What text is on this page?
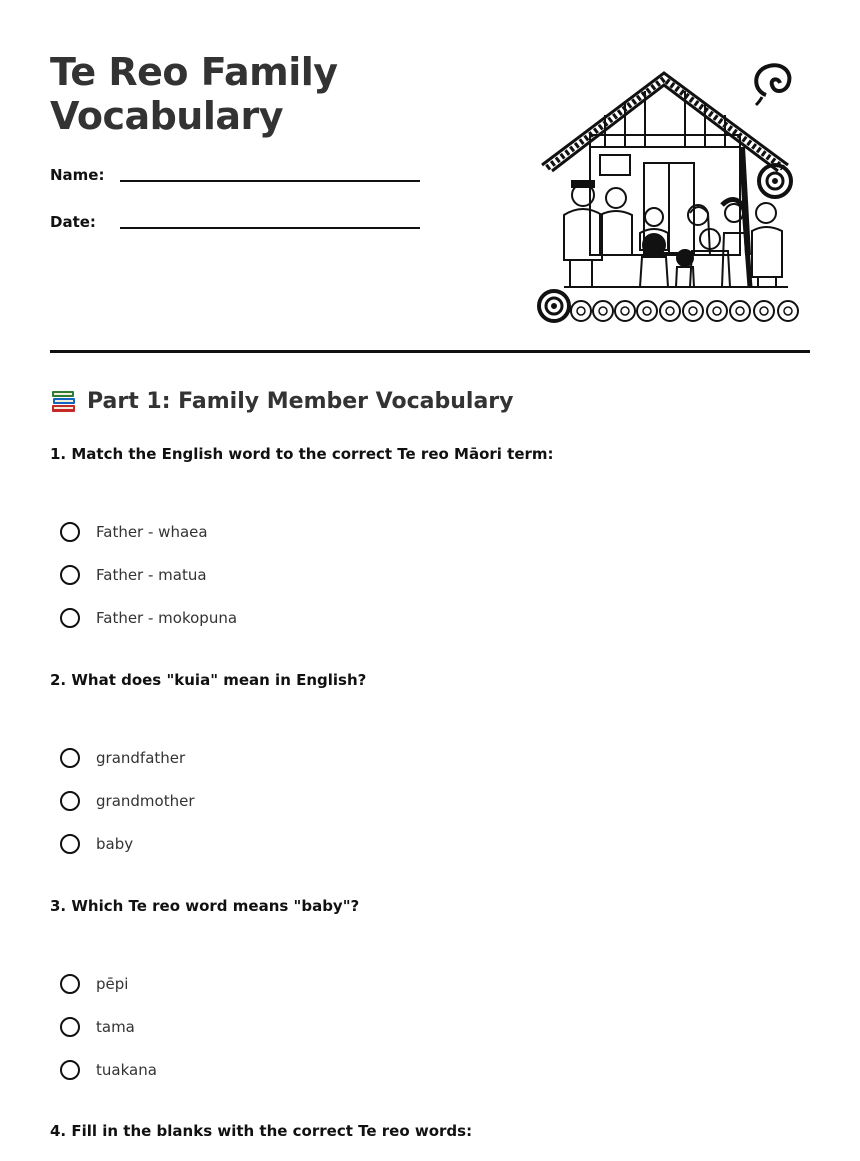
Te Reo Family Vocabulary
Name:
Date:
Part 1: Family Member Vocabulary

1. Match the English word to the correct Te reo Māori term:

Father - whaea
Father - matua
Father - mokopuna

2. What does "kuia" mean in English?

grandfather
grandmother
baby

3. Which Te reo word means "baby"?

pēpi
tama
tuakana

4. Fill in the blanks with the correct Te reo words:
